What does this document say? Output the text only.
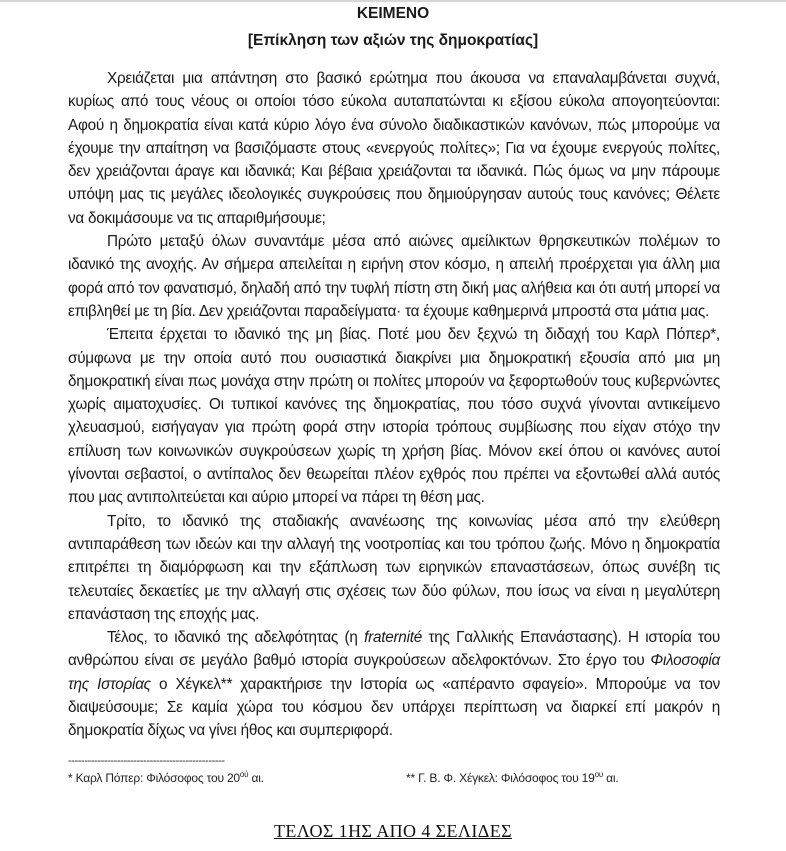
ΚΕΙΜΕΝΟ
[Επίκληση των αξιών της δημοκρατίας]

Χρειάζεται μια απάντηση στο βασικό ερώτημα που άκουσα να επαναλαμβάνεται συχνά, κυρίως από τους νέους οι οποίοι τόσο εύκολα αυταπατώνται κι εξίσου εύκολα απογοητεύονται: Αφού η δημοκρατία είναι κατά κύριο λόγο ένα σύνολο διαδικαστικών κανόνων, πώς μπορούμε να έχουμε την απαίτηση να βασιζόμαστε στους «ενεργούς πολίτες»; Για να έχουμε ενεργούς πολίτες, δεν χρειάζονται άραγε και ιδανικά; Και βέβαια χρειάζονται τα ιδανικά. Πώς όμως να μην πάρουμε υπόψη μας τις μεγάλες ιδεολογικές συγκρούσεις που δημιούργησαν αυτούς τους κανόνες; Θέλετε να δοκιμάσουμε να τις απαριθμήσουμε;

Πρώτο μεταξύ όλων συναντάμε μέσα από αιώνες αμείλικτων θρησκευτικών πολέμων το ιδανικό της ανοχής. Αν σήμερα απειλείται η ειρήνη στον κόσμο, η απειλή προέρχεται για άλλη μια φορά από τον φανατισμό, δηλαδή από την τυφλή πίστη στη δική μας αλήθεια και ότι αυτή μπορεί να επιβληθεί με τη βία. Δεν χρειάζονται παραδείγματα· τα έχουμε καθημερινά μπροστά στα μάτια μας.

Έπειτα έρχεται το ιδανικό της μη βίας. Ποτέ μου δεν ξεχνώ τη διδαχή του Καρλ Πόπερ*, σύμφωνα με την οποία αυτό που ουσιαστικά διακρίνει μια δημοκρατική εξουσία από μια μη δημοκρατική είναι πως μονάχα στην πρώτη οι πολίτες μπορούν να ξεφορτωθούν τους κυβερνώντες χωρίς αιματοχυσίες. Οι τυπικοί κανόνες της δημοκρατίας, που τόσο συχνά γίνονται αντικείμενο χλευασμού, εισήγαγαν για πρώτη φορά στην ιστορία τρόπους συμβίωσης που είχαν στόχο την επίλυση των κοινωνικών συγκρούσεων χωρίς τη χρήση βίας. Μόνον εκεί όπου οι κανόνες αυτοί γίνονται σεβαστοί, ο αντίπαλος δεν θεωρείται πλέον εχθρός που πρέπει να εξοντωθεί αλλά αυτός που μας αντιπολιτεύεται και αύριο μπορεί να πάρει τη θέση μας.

Τρίτο, το ιδανικό της σταδιακής ανανέωσης της κοινωνίας μέσα από την ελεύθερη αντιπαράθεση των ιδεών και την αλλαγή της νοοτροπίας και του τρόπου ζωής. Μόνο η δημοκρατία επιτρέπει τη διαμόρφωση και την εξάπλωση των ειρηνικών επαναστάσεων, όπως συνέβη τις τελευταίες δεκαετίες με την αλλαγή στις σχέσεις των δύο φύλων, που ίσως να είναι η μεγαλύτερη επανάσταση της εποχής μας.

Τέλος, το ιδανικό της αδελφότητας (η fraternité της Γαλλικής Επανάστασης). Η ιστορία του ανθρώπου είναι σε μεγάλο βαθμό ιστορία συγκρούσεων αδελφοκτόνων. Στο έργο του Φιλοσοφία της Ιστορίας ο Χέγκελ** χαρακτήρισε την Ιστορία ως «απέραντο σφαγείο». Μπορούμε να τον διαψεύσουμε; Σε καμία χώρα του κόσμου δεν υπάρχει περίπτωση να διαρκεί επί μακρόν η δημοκρατία δίχως να γίνει ήθος και συμπεριφορά.

------------------------------------------------
* Καρλ Πόπερ: Φιλόσοφος του $20^{oύ}$ αι.	** Γ. Β. Φ. Χέγκελ: Φιλόσοφος του $19^{o\upsilon}$ αι.
ΤΕΛΟΣ 1ΗΣ ΑΠΟ 4 ΣΕΛΙΔΕΣ
